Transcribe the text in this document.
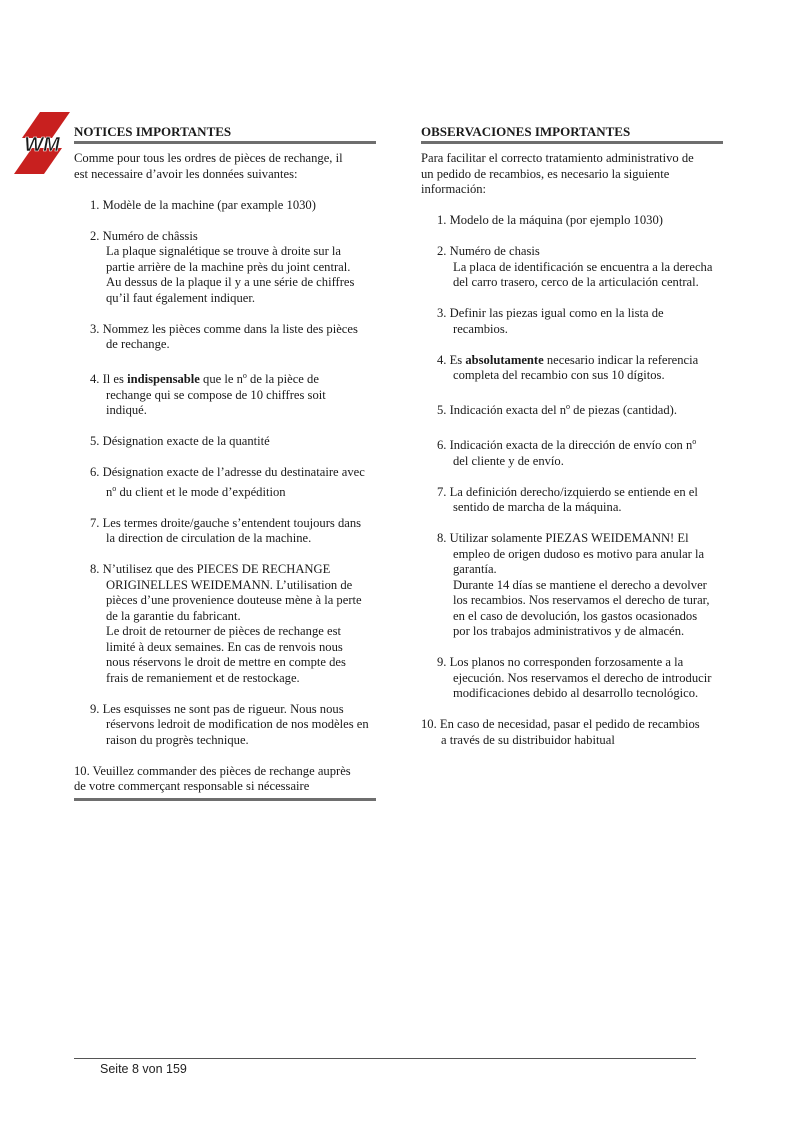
WM
NOTICES IMPORTANTES
Comme pour tous les ordres de pièces de rechange, il
est necessaire d’avoir les données suivantes:
1. Modèle de la machine (par example 1030)
2. Numéro de châssis
La plaque signalétique se trouve à droite sur la
partie arrière de la machine près du joint central.
Au dessus de la plaque il y a une série de chiffres
qu’il faut également indiquer.
3. Nommez les pièces comme dans la liste des pièces
de rechange.
4. Il es indispensable que le $n^o$ de la pièce de
rechange qui se compose de 10 chiffres soit
indiqué.
5. Désignation exacte de la quantité
6. Désignation exacte de l’adresse du destinataire avec
$n^o$ du client et le mode d’expédition
7. Les termes droite/gauche s’entendent toujours dans
la direction de circulation de la machine.
8. N’utilisez que des PIECES DE RECHANGE
ORIGINELLES WEIDEMANN. L’utilisation de
pièces d’une provenience douteuse mène à la perte
de la garantie du fabricant.
Le droit de retourner de pièces de rechange est
limité à deux semaines. En cas de renvois nous
nous réservons le droit de mettre en compte des
frais de remaniement et de restockage.
9. Les esquisses ne sont pas de rigueur. Nous nous
réservons ledroit de modification de nos modèles en
raison du progrès technique.
10. Veuillez commander des pièces de rechange auprès
de votre commerçant responsable si nécessaire
OBSERVACIONES IMPORTANTES
Para facilitar el correcto tratamiento administrativo de
un pedido de recambios, es necesario la siguiente
información:
1. Modelo de la máquina (por ejemplo 1030)
2. Numéro de chasis
La placa de identificación se encuentra a la derecha
del carro trasero, cerco de la articulación central.
3. Definir las piezas igual como en la lista de
recambios.
4. Es absolutamente necesario indicar la referencia
completa del recambio con sus 10 dígitos.
5. Indicación exacta del $n^o$ de piezas (cantidad).
6. Indicación exacta de la dirección de envío con $n^o$
del cliente y de envío.
7. La definición derecho/izquierdo se entiende en el
sentido de marcha de la máquina.
8. Utilizar solamente PIEZAS WEIDEMANN! El
empleo de origen dudoso es motivo para anular la
garantía.
Durante 14 días se mantiene el derecho a devolver
los recambios. Nos reservamos el derecho de turar,
en el caso de devolución, los gastos ocasionados
por los trabajos administrativos y de almacén.
9. Los planos no corresponden forzosamente a la
ejecución. Nos reservamos el derecho de introducir
modificaciones debido al desarrollo tecnológico.
10. En caso de necesidad, pasar el pedido de recambios
a través de su distribuidor habitual
Seite 8 von 159
